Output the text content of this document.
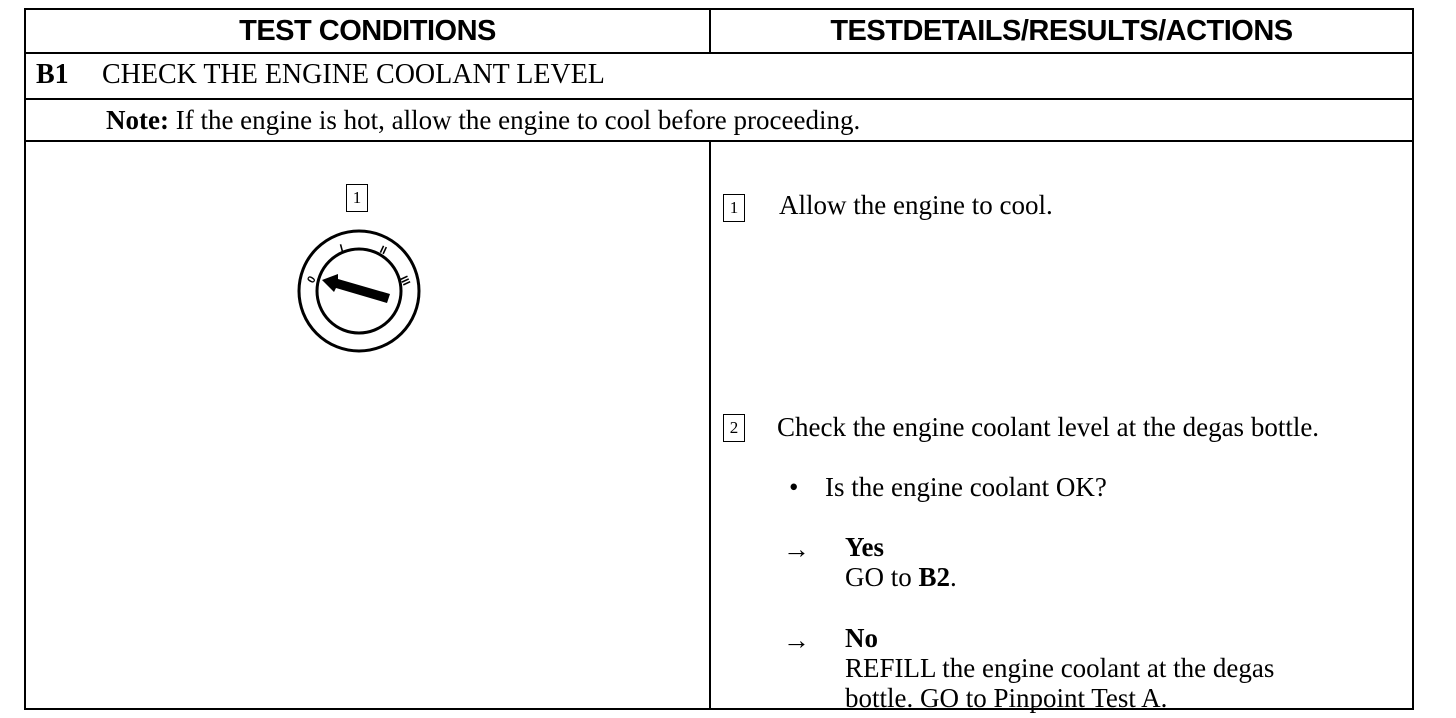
TEST CONDITIONS	TESTDETAILS/RESULTS/ACTIONS
B1 CHECK THE ENGINE COOLANT LEVEL
Note: If the engine is hot, allow the engine to cool before proceeding.
1
0
I	II
III
1 Allow the engine to cool.
2 Check the engine coolant level at the degas bottle.
• Is the engine coolant OK?
→ Yes
GO to B2.
→ No
REFILL the engine coolant at the degas
bottle. GO to Pinpoint Test A.
